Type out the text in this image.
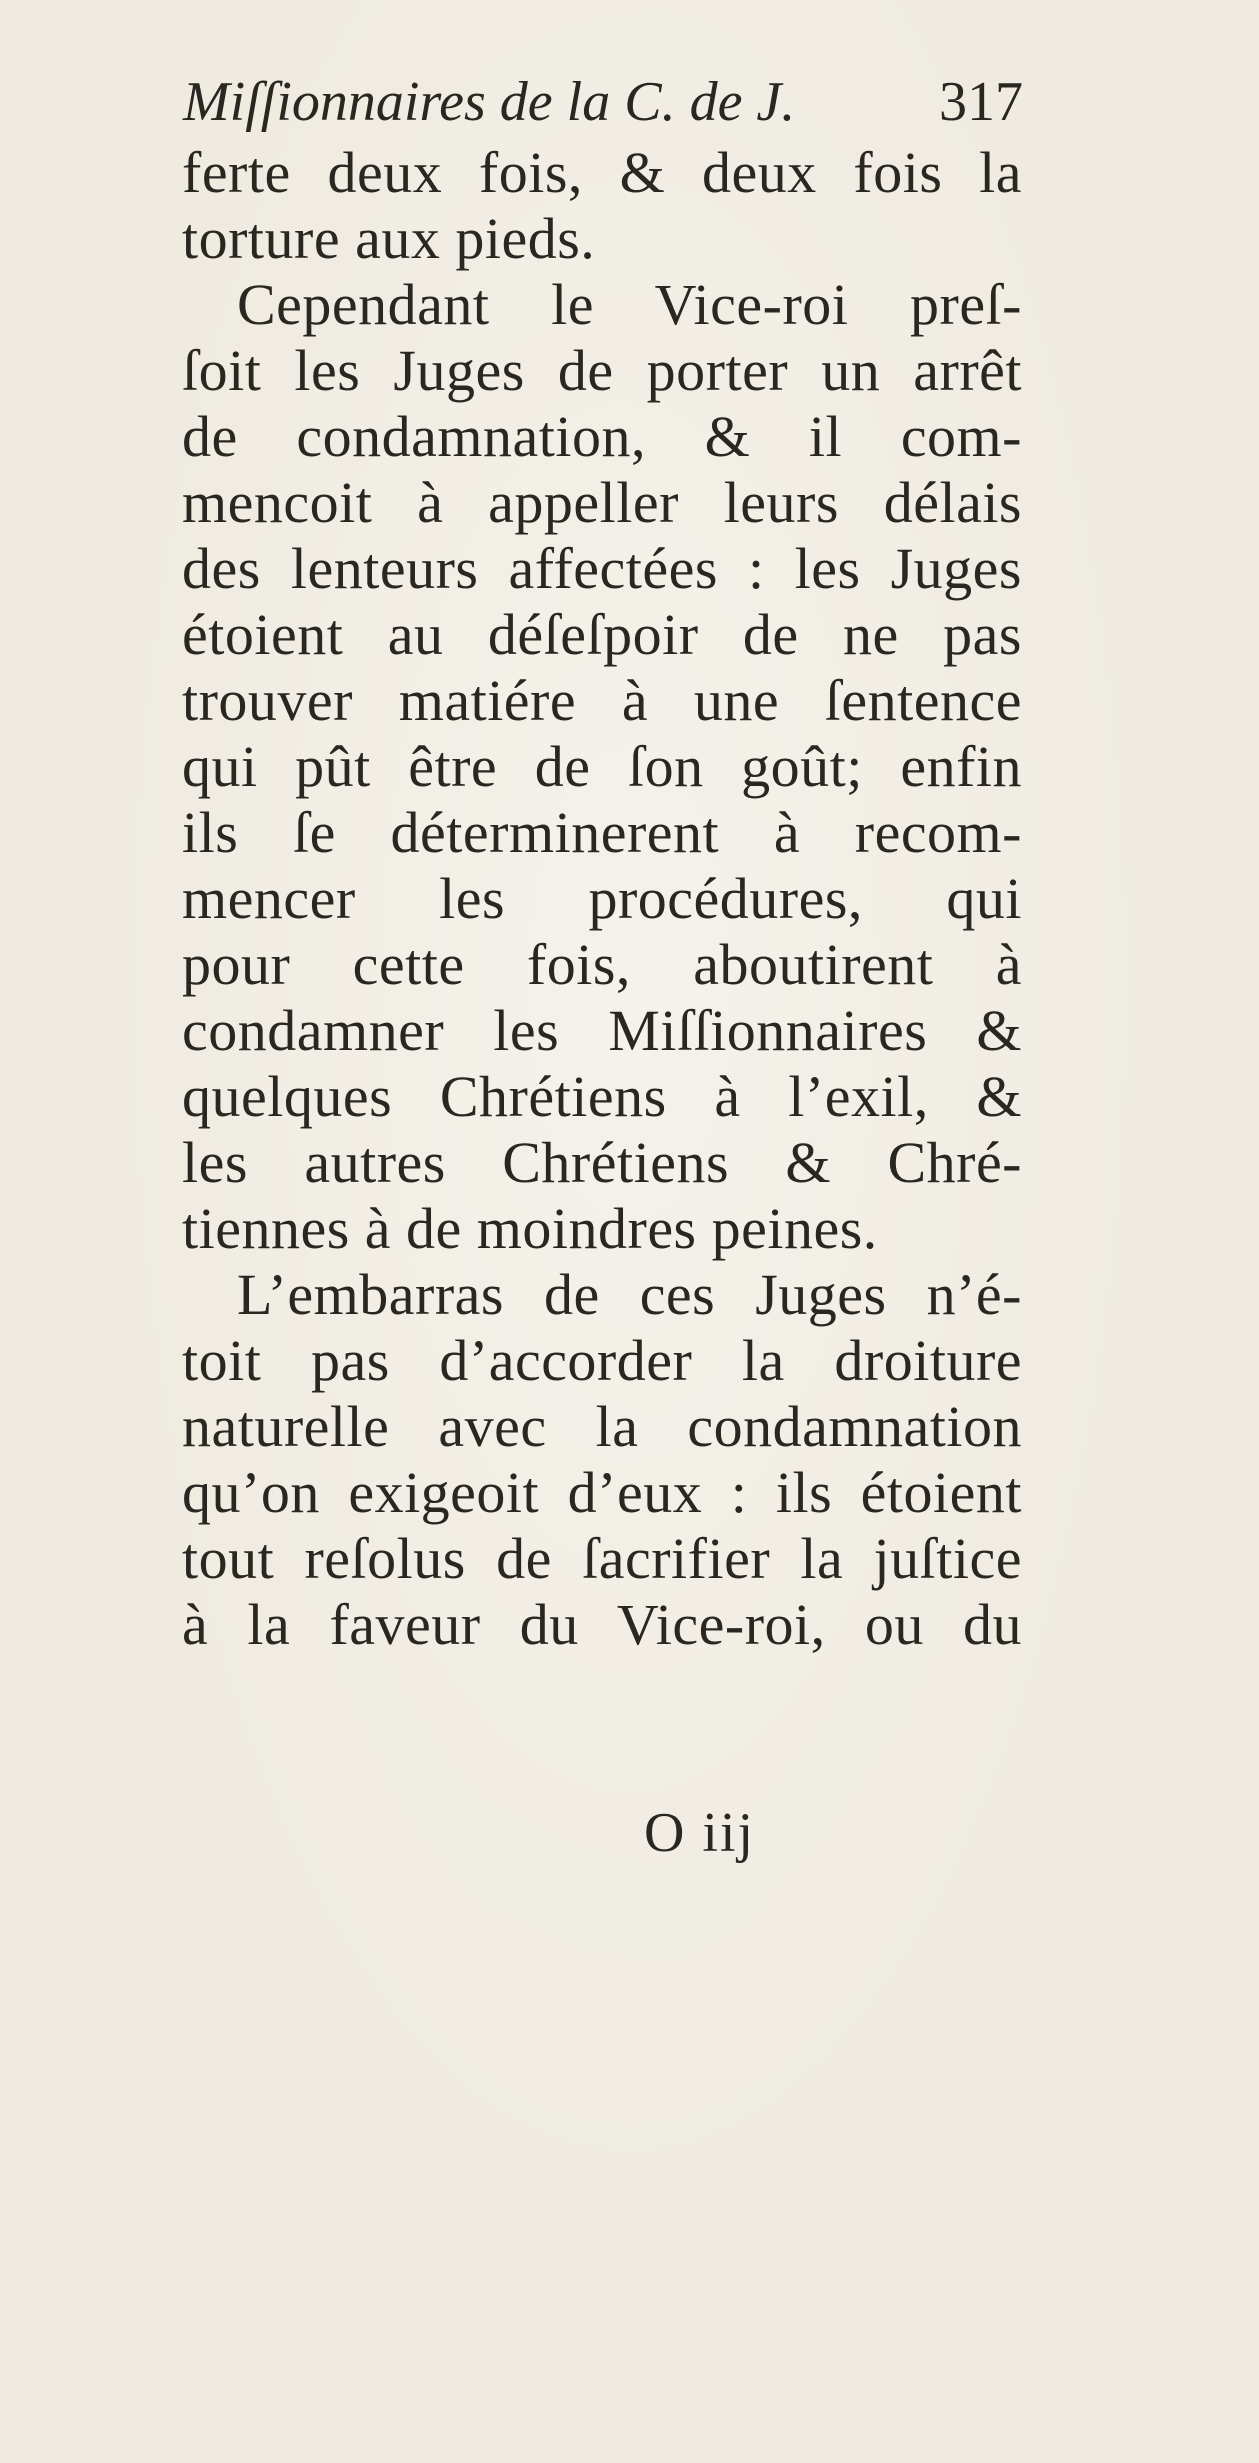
Miſſionnaires de la C. de J.	317
ferte deux fois, & deux fois la
torture aux pieds.
Cependant le Vice-roi preſ-
ſoit les Juges de porter un arrêt
de condamnation, & il com-
mencoit à appeller leurs délais
des lenteurs affectées : les Juges
étoient au déſeſpoir de ne pas
trouver matiére à une ſentence
qui pût être de ſon goût; enfin
ils ſe déterminerent à recom-
mencer les procédures, qui
pour cette fois, aboutirent à
condamner les Miſſionnaires &
quelques Chrétiens à l’exil, &
les autres Chrétiens & Chré-
tiennes à de moindres peines.
L’embarras de ces Juges n’é-
toit pas d’accorder la droiture
naturelle avec la condamnation
qu’on exigeoit d’eux : ils étoient
tout reſolus de ſacrifier la juſtice
à la faveur du Vice-roi, ou du
O iij
